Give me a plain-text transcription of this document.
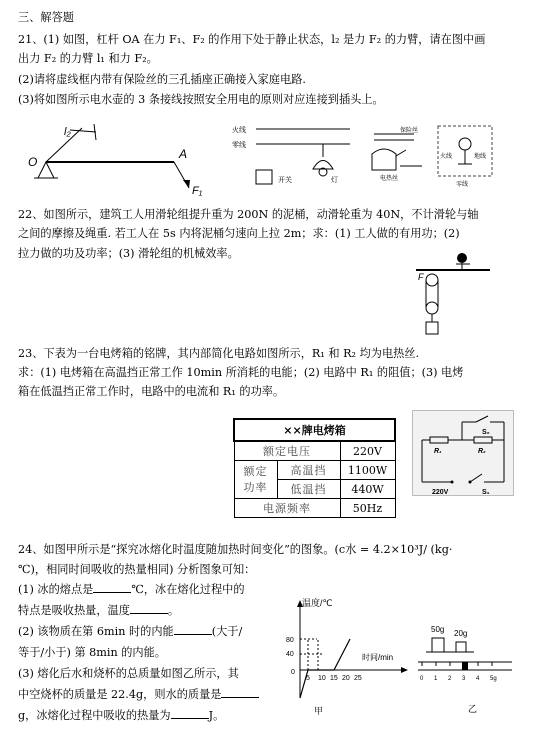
三、解答题
21、(1) 如图，杠杆 OA 在力 F₁、F₂ 的作用下处于静止状态，l₂ 是力 F₂ 的力臂，请在图中画
出力 F₂ 的力臂 l₁ 和力 F₂。
(2)请将虚线框内带有保险丝的三孔插座正确接入家庭电路.
(3)将如图所示电水壶的 3 条接线按照安全用电的原则对应连接到插头上。
O
l₂
A
F₁
火线
零线
开关	灯
保险丝
电热丝
火线	地线
零线
22、如图所示，建筑工人用滑轮组提升重为 200N 的泥桶，动滑轮重为 40N，不计滑轮与轴
之间的摩擦及绳重. 若工人在 5s 内将泥桶匀速向上拉 2m；求：(1) 工人做的有用功；(2)
拉力做的功及功率；(3) 滑轮组的机械效率。
F
23、下表为一台电烤箱的铭牌，其内部简化电路如图所示，R₁ 和 R₂ 均为电热丝.
求：(1) 电烤箱在高温挡正常工作 10min 所消耗的电能；(2) 电路中 R₁ 的阻值；(3) 电烤
箱在低温挡正常工作时，电路中的电流和 R₁ 的功率。
××牌电烤箱		
额定电压		220V
额定
功率	高温挡	1100W
	低温挡	440W
电源频率		50Hz
S₂
R₁	R₂
220V	S₁
24、如图甲所示是“探究冰熔化时温度随加热时间变化”的图象。(c水 = 4.2×10³J/ (kg·
℃)，相同时间吸收的热量相同) 分析图象可知：
(1) 冰的熔点是	℃，冰在熔化过程中的
特点是吸收热量，温度	。
(2) 该物质在第 6min 时的内能	(大于/
等于/小于) 第 8min 的内能。
(3) 熔化后水和烧杯的总质量如图乙所示，其
中空烧杯的质量是 22.4g，则水的质量是
g，冰熔化过程中吸收的热量为	J。
温度/℃
时间/min
80
40
0
5 10 15 20 25
甲
50g 20g
0 1 2 3 4 5g
乙
